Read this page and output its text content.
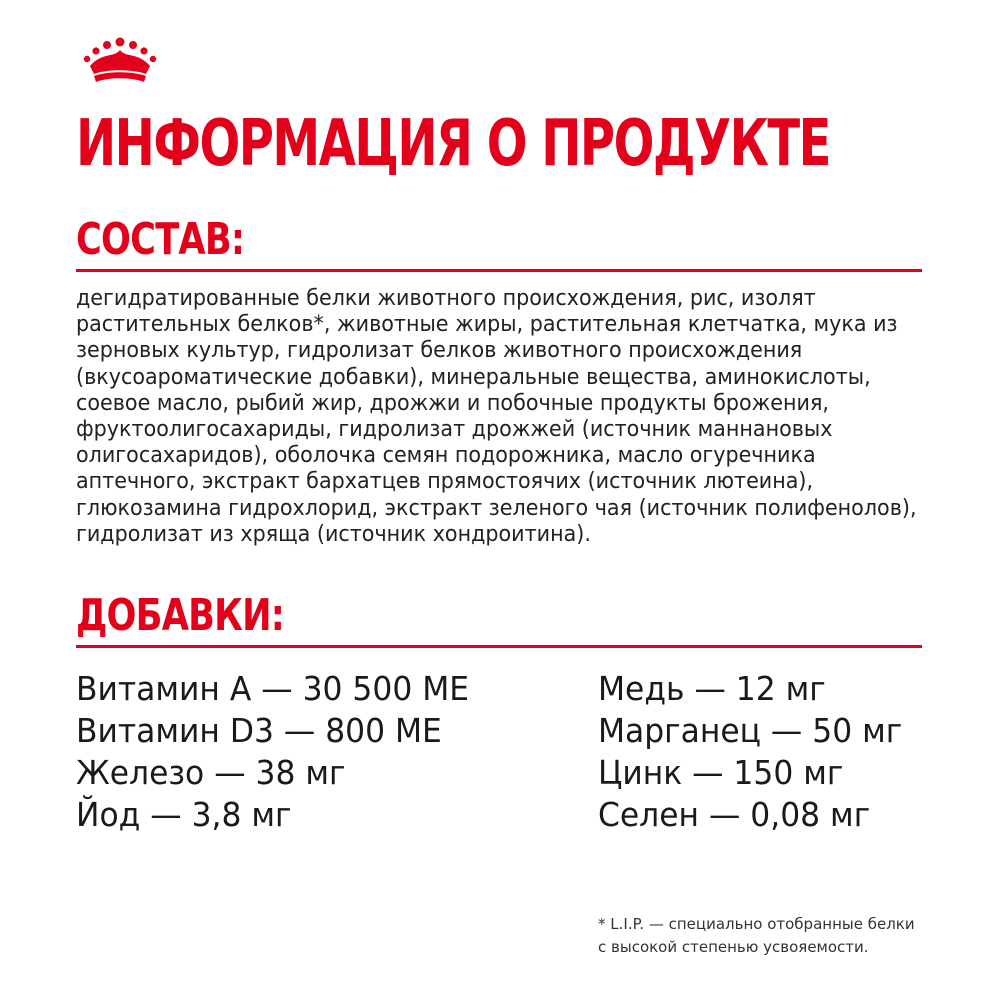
ИНФОРМАЦИЯ О ПРОДУКТЕ
СОСТАВ:

дегидратированные белки животного происхождения, рис, изолят растительных белков*, животные жиры, растительная клетчатка, мука из зерновых культур, гидролизат белков животного происхождения (вкусоароматические добавки), минеральные вещества, аминокислоты, соевое масло, рыбий жир, дрожжи и побочные продукты брожения, фруктоолигосахариды, гидролизат дрожжей (источник маннановых олигосахаридов), оболочка семян подорожника, масло огуречника аптечного, экстракт бархатцев прямостоячих (источник лютеина), глюкозамина гидрохлорид, экстракт зеленого чая (источник полифенолов), гидролизат из хряща (источник хондроитина).

ДОБАВКИ:
Витамин А — 30 500 МЕ
Витамин D3 — 800 МЕ
Железо — 38 мг
Йод — 3,8 мг
Медь — 12 мг
Марганец — 50 мг
Цинк — 150 мг
Селен — 0,08 мг
* L.I.P. — специально отобранные белки
с высокой степенью усвояемости.
